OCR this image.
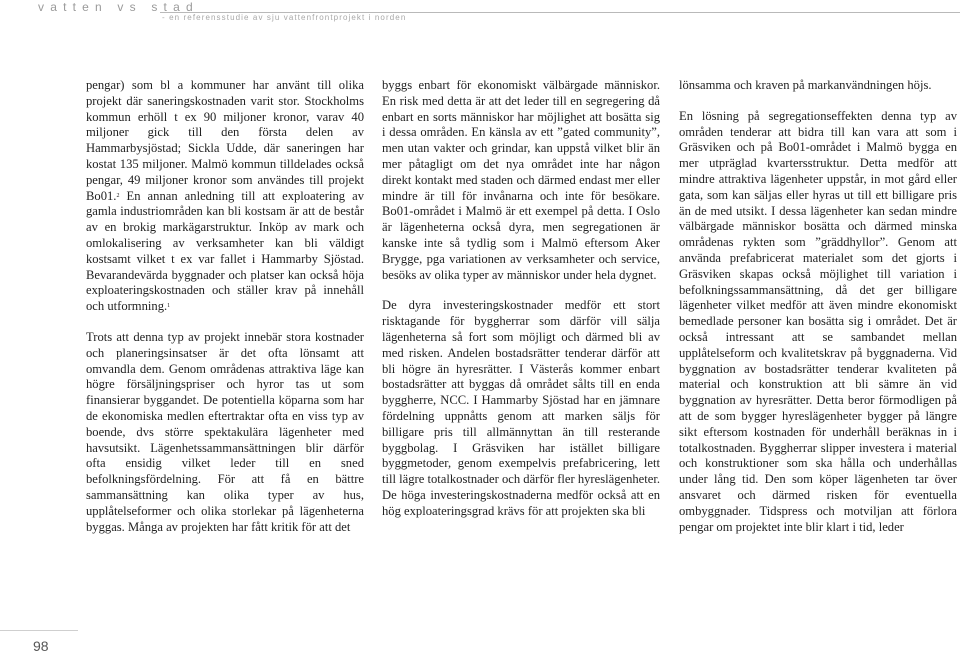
vatten vs stad
- en referensstudie av sju vattenfrontprojekt i norden

pengar) som bl a kommuner har använt till olika projekt där saneringskostnaden varit stor. Stockholms kommun erhöll t ex 90 miljoner kronor, varav 40 miljoner gick till den första delen av Hammarbysjöstad; Sickla Udde, där saneringen har kostat 135 miljoner. Malmö kommun tilldelades också pengar, 49 miljoner kronor som användes till projekt Bo01.$^2$ En annan anledning till att exploatering av gamla industriområden kan bli kostsam är att de består av en brokig markägarstruktur. Inköp av mark och omlokalisering av verksamheter kan bli väldigt kostsamt vilket t ex var fallet i Hammarby Sjöstad. Bevarandevärda byggnader och platser kan också höja exploateringskostnaden och ställer krav på innehåll och utformning.$^1$

Trots att denna typ av projekt innebär stora kostnader och planeringsinsatser är det ofta lönsamt att omvandla dem. Genom områdenas attraktiva läge kan högre försäljningspriser och hyror tas ut som finansierar byggandet. De potentiella köparna som har de ekonomiska medlen eftertraktar ofta en viss typ av boende, dvs större spektakulära lägenheter med havsutsikt. Lägenhetssammansättningen blir därför ofta ensidig vilket leder till en sned befolkningsfördelning. För att få en bättre sammansättning kan olika typer av hus, upplåtelseformer och olika storlekar på lägenheterna byggas. Många av projekten har fått kritik för att det

byggs enbart för ekonomiskt välbärgade människor. En risk med detta är att det leder till en segregering då enbart en sorts människor har möjlighet att bosätta sig i dessa områden. En känsla av ett ”gated community”, men utan vakter och grindar, kan uppstå vilket blir än mer påtagligt om det nya området inte har någon direkt kontakt med staden och därmed endast mer eller mindre är till för invånarna och inte för besökare. Bo01-området i Malmö är ett exempel på detta. I Oslo är lägenheterna också dyra, men segregationen är kanske inte så tydlig som i Malmö eftersom Aker Brygge, pga variationen av verksamheter och service, besöks av olika typer av människor under hela dygnet.

De dyra investeringskostnader medför ett stort risktagande för byggherrar som därför vill sälja lägenheterna så fort som möjligt och därmed bli av med risken. Andelen bostadsrätter tenderar därför att bli högre än hyresrätter. I Västerås kommer enbart bostadsrätter att byggas då området sålts till en enda byggherre, NCC. I Hammarby Sjöstad har en jämnare fördelning uppnåtts genom att marken säljs för billigare pris till allmännyttan än till resterande byggbolag. I Gräsviken har istället billigare byggmetoder, genom exempelvis prefabricering, lett till lägre totalkostnader och därför fler hyreslägenheter. De höga investeringskostnaderna medför också att en hög exploateringsgrad krävs för att projekten ska bli

lönsamma och kraven på markanvändningen höjs.

En lösning på segregationseffekten denna typ av områden tenderar att bidra till kan vara att som i Gräsviken och på Bo01-området i Malmö bygga en mer utpräglad kvartersstruktur. Detta medför att mindre attraktiva lägenheter uppstår, in mot gård eller gata, som kan säljas eller hyras ut till ett billigare pris än de med utsikt. I dessa lägenheter kan sedan mindre välbärgade människor bosätta och därmed minska områdenas rykten som ”gräddhyllor”. Genom att använda prefabricerat materialet som det gjorts i Gräsviken skapas också möjlighet till variation i befolkningssammansättning, då det ger billigare lägenheter vilket medför att även mindre ekonomiskt bemedlade personer kan bosätta sig i området. Det är också intressant att se sambandet mellan upplåtelseform och kvalitetskrav på byggnaderna. Vid byggnation av bostadsrätter tenderar kvaliteten på material och konstruktion att bli sämre än vid byggnation av hyresrätter. Detta beror förmodligen på att de som bygger hyreslägenheter bygger på längre sikt eftersom kostnaden för underhåll beräknas in i totalkostnaden. Byggherrar slipper investera i material och konstruktioner som ska hålla och underhållas under lång tid. Den som köper lägenheten tar över ansvaret och därmed risken för eventuella ombyggnader. Tidspress och motviljan att förlora pengar om projektet inte blir klart i tid, leder

98
